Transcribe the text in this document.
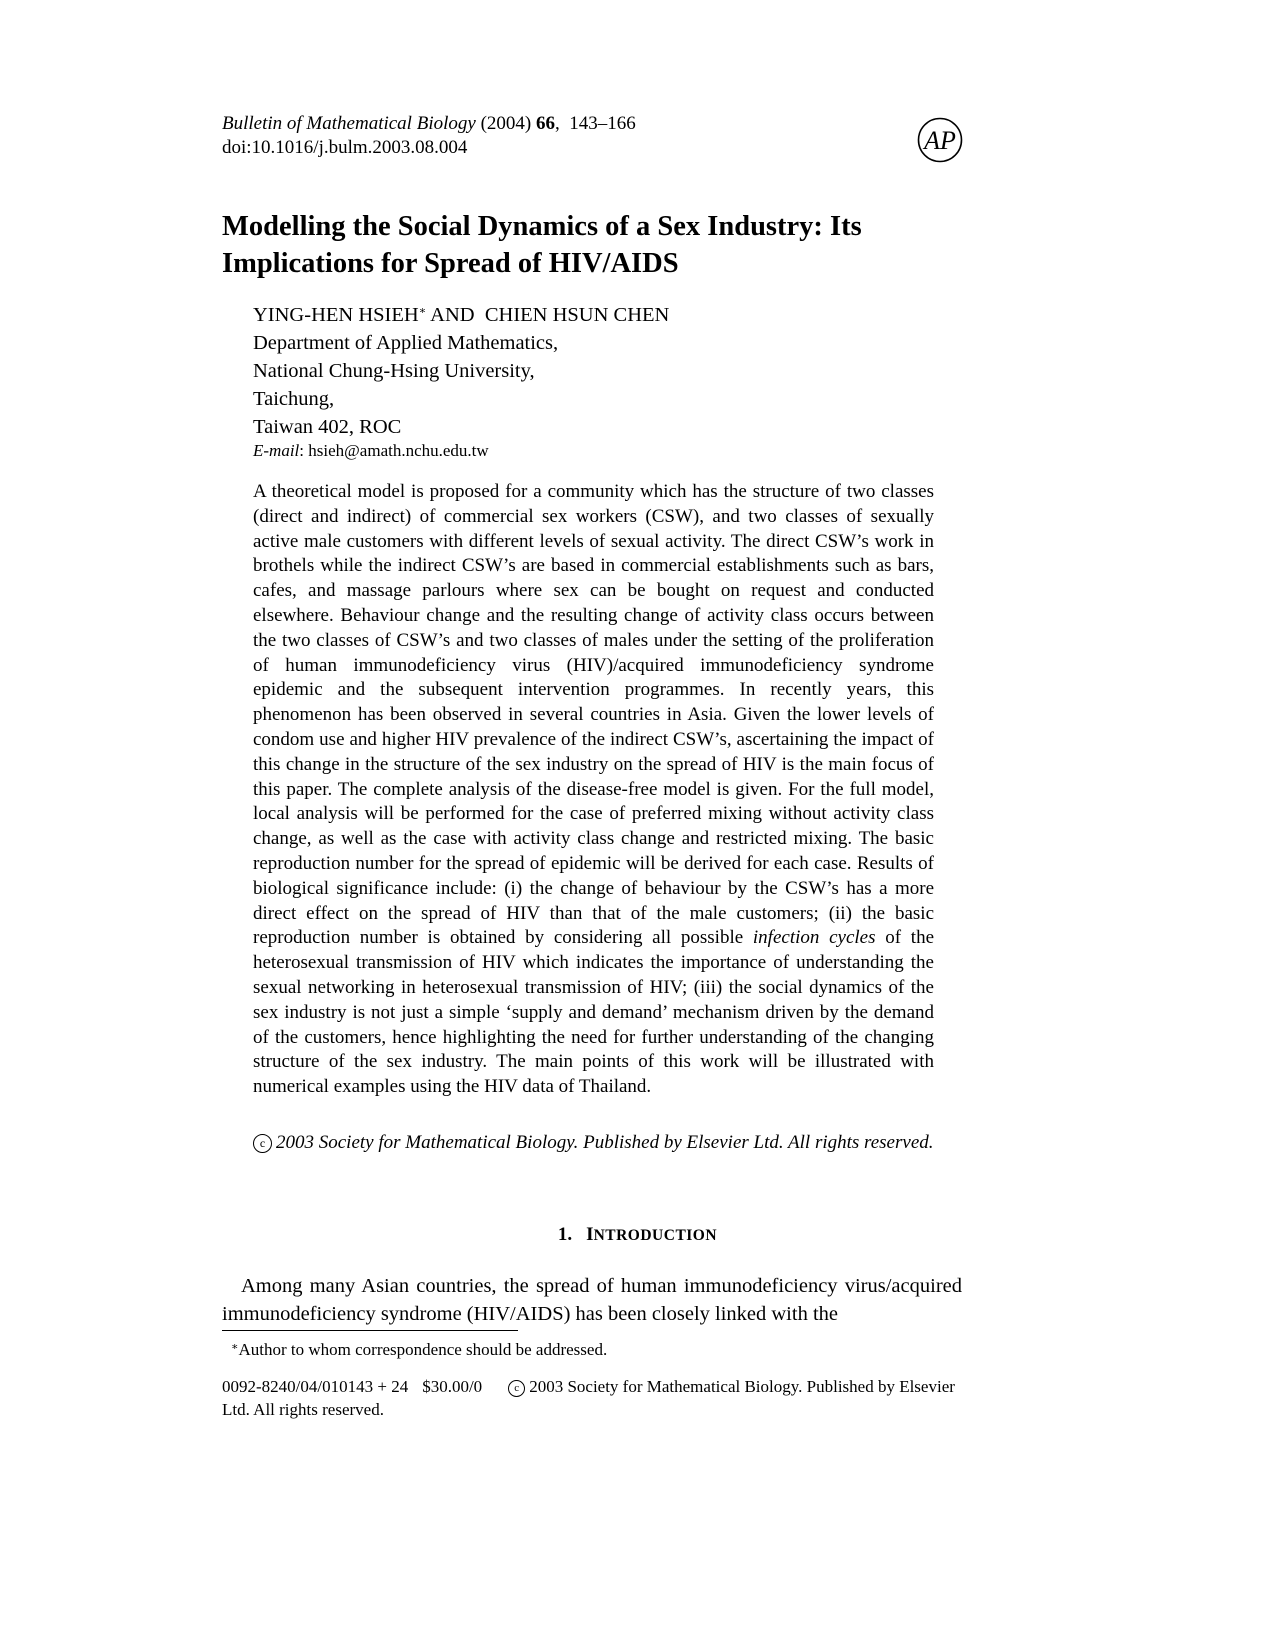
Bulletin of Mathematical Biology (2004) 66,  143–166
doi:10.1016/j.bulm.2003.08.004	AP
Modelling the Social Dynamics of a Sex Industry: Its
Implications for Spread of HIV/AIDS
YING-HEN HSIEH∗ AND CHIEN HSUN CHEN
Department of Applied Mathematics,
National Chung-Hsing University,
Taichung,
Taiwan 402, ROC
E-mail: hsieh@amath.nchu.edu.tw
A theoretical model is proposed for a community which has the structure of two classes (direct and indirect) of commercial sex workers (CSW), and two classes of sexually active male customers with different levels of sexual activity. The direct CSW’s work in brothels while the indirect CSW’s are based in commercial establishments such as bars, cafes, and massage parlours where sex can be bought on request and conducted elsewhere. Behaviour change and the resulting change of activity class occurs between the two classes of CSW’s and two classes of males under the setting of the proliferation of human immunodeficiency virus (HIV)/acquired immunodeficiency syndrome epidemic and the subsequent intervention programmes. In recently years, this phenomenon has been observed in several countries in Asia. Given the lower levels of condom use and higher HIV prevalence of the indirect CSW’s, ascertaining the impact of this change in the structure of the sex industry on the spread of HIV is the main focus of this paper. The complete analysis of the disease-free model is given. For the full model, local analysis will be performed for the case of preferred mixing without activity class change, as well as the case with activity class change and restricted mixing. The basic reproduction number for the spread of epidemic will be derived for each case. Results of biological significance include: (i) the change of behaviour by the CSW’s has a more direct effect on the spread of HIV than that of the male customers; (ii) the basic reproduction number is obtained by considering all possible infection cycles of the heterosexual transmission of HIV which indicates the importance of understanding the sexual networking in heterosexual transmission of HIV; (iii) the social dynamics of the sex industry is not just a simple ‘supply and demand’ mechanism driven by the demand of the customers, hence highlighting the need for further understanding of the changing structure of the sex industry. The main points of this work will be illustrated with numerical examples using the HIV data of Thailand.
c 2003 Society for Mathematical Biology. Published by Elsevier Ltd. All rights reserved.
1. INTRODUCTION
Among many Asian countries, the spread of human immunodeficiency virus/acquired immunodeficiency syndrome (HIV/AIDS) has been closely linked with the
∗Author to whom correspondence should be addressed.
0092-8240/04/010143 + 24 $30.00/0	c 2003 Society for Mathematical Biology. Published by Elsevier Ltd. All rights reserved.
